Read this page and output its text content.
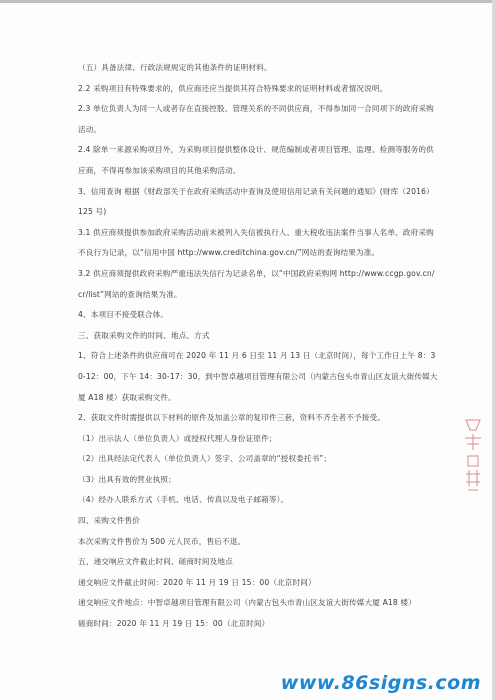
（五）具备法律、行政法规规定的其他条件的证明材料。

2.2 采购项目有特殊要求的，供应商还应当提供其符合特殊要求的证明材料或者情况说明。

2.3 单位负责人为同一人或者存在直接控股、管理关系的不同供应商，不得参加同一合同项下的政府采购活动。

2.4 除单一来源采购项目外，为采购项目提供整体设计、规范编制或者项目管理、监理、检测等服务的供应商，不得再参加该采购项目的其他采购活动。

3、信用查询 根据《财政部关于在政府采购活动中查询及使用信用记录有关问题的通知》(财库（2016）125 号)

3.1 供应商须提供参加政府采购活动前未被列入失信被执行人、重大税收违法案件当事人名单、政府采购不良行为记录，以“信用中国 http://www.creditchina.gov.cn/”网站的查询结果为准。

3.2 供应商须提供政府采购严重违法失信行为记录名单，以“中国政府采购网 http://www.ccgp.gov.cn/cr/list”网站的查询结果为准。

4、本项目不接受联合体。

三、获取采购文件的时间、地点、方式

1、符合上述条件的供应商可在 2020 年 11 月 6 日至 11 月 13 日（北京时间），每个工作日上午 8：30-12：00，下午 14：30-17：30，到中智卓越项目管理有限公司（内蒙古包头市青山区友谊大街传媒大厦 A18 楼）获取采购文件。

2、获取文件时需提供以下材料的原件及加盖公章的复印件三套，资料不齐全者不予接受。

（1）出示法人（单位负责人）或授权代理人身份证原件；

（2）出具经法定代表人（单位负责人）签字、公司盖章的“授权委托书”；

（3）出具有效的营业执照；

（4）经办人联系方式（手机、电话、传真以及电子邮箱等）。

四、采购文件售价

本次采购文件售价为 500 元人民币，售后不退。

五、递交响应文件截止时间、磋商时间及地点

递交响应文件截止时间：2020 年 11 月 19 日 15：00（北京时间）

递交响应文件地点：中智卓越项目管理有限公司（内蒙古包头市青山区友谊大街传媒大厦 A18 楼）

磋商时间：2020 年 11 月 19 日 15：00（北京时间）

www.86signs.com
